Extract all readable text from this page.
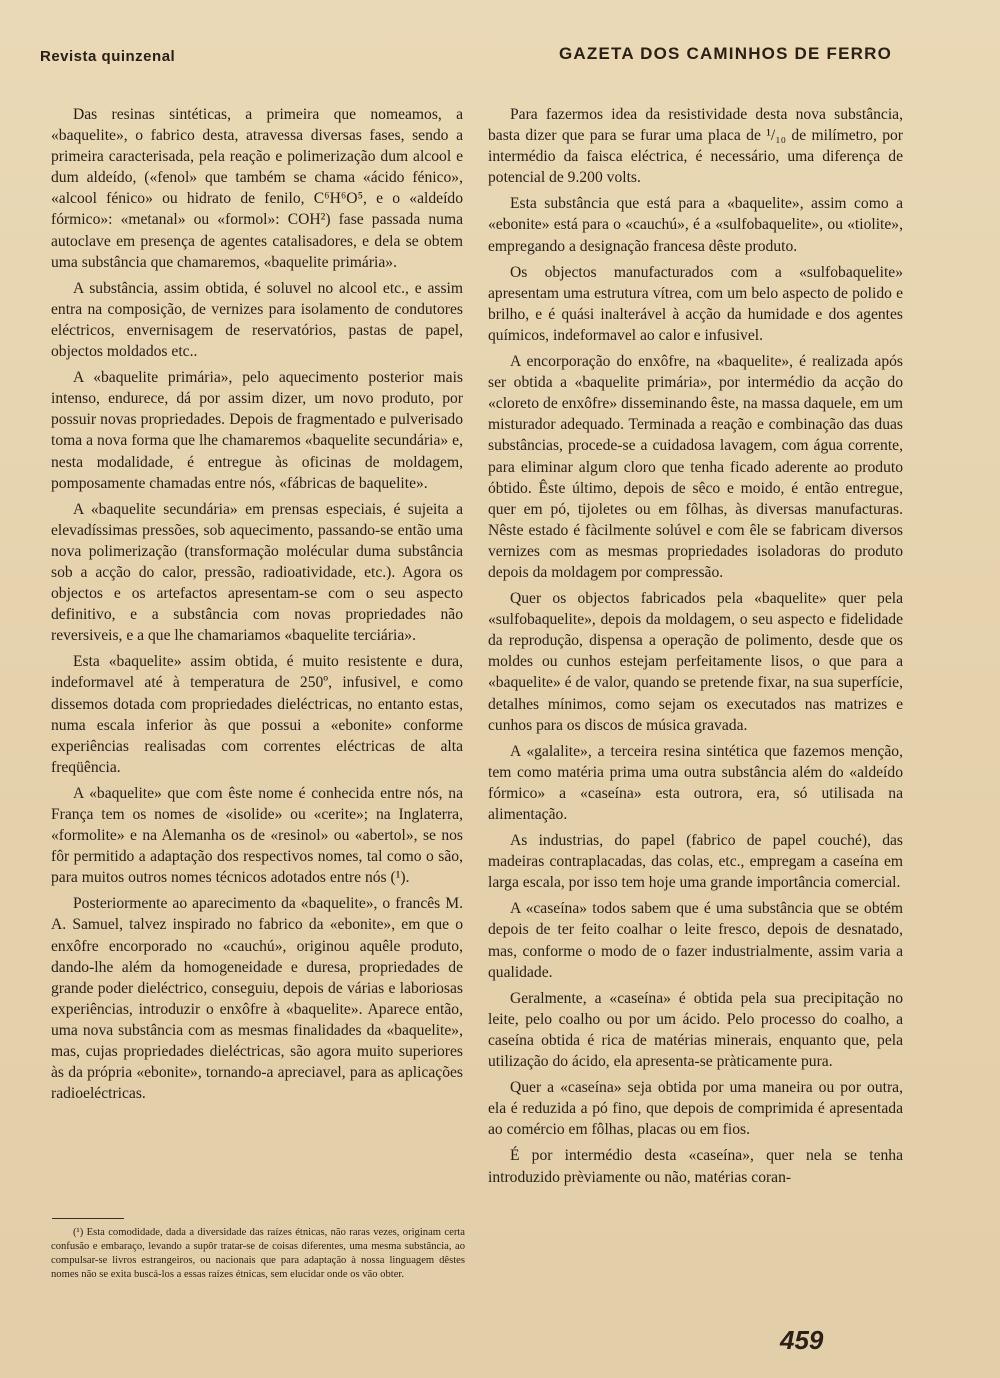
Revista quinzenal	GAZETA DOS CAMINHOS DE FERRO

Das resinas sintéticas, a primeira que nomeamos, a «baquelite», o fabrico desta, atravessa diversas fases, sendo a primeira caracterisada, pela reação e polimerização dum alcool e dum aldeído, («fenol» que também se chama «ácido fénico», «alcool fénico» ou hidrato de fenilo, C⁶H⁶O⁵, e o «aldeído fórmico»: «metanal» ou «formol»: COH²) fase passada numa autoclave em presença de agentes catalisadores, e dela se obtem uma substância que chamaremos, «baquelite primária».

A substância, assim obtida, é soluvel no alcool etc., e assim entra na composição, de vernizes para isolamento de condutores eléctricos, envernisagem de reservatórios, pastas de papel, objectos moldados etc..

A «baquelite primária», pelo aquecimento posterior mais intenso, endurece, dá por assim dizer, um novo produto, por possuir novas propriedades. Depois de fragmentado e pulverisado toma a nova forma que lhe chamaremos «baquelite secundária» e, nesta modalidade, é entregue às oficinas de moldagem, pomposamente chamadas entre nós, «fábricas de baquelite».

A «baquelite secundária» em prensas especiais, é sujeita a elevadíssimas pressões, sob aquecimento, passando-se então uma nova polimerização (transformação molécular duma substância sob a acção do calor, pressão, radioatividade, etc.). Agora os objectos e os artefactos apresentam-se com o seu aspecto definitivo, e a substância com novas propriedades não reversiveis, e a que lhe chamariamos «baquelite terciária».

Esta «baquelite» assim obtida, é muito resistente e dura, indeformavel até à temperatura de 250º, infusivel, e como dissemos dotada com propriedades dieléctricas, no entanto estas, numa escala inferior às que possui a «ebonite» conforme experiências realisadas com correntes eléctricas de alta freqüência.

A «baquelite» que com êste nome é conhecida entre nós, na França tem os nomes de «isolide» ou «cerite»; na Inglaterra, «formolite» e na Alemanha os de «resinol» ou «abertol», se nos fôr permitido a adaptação dos respectivos nomes, tal como o são, para muitos outros nomes técnicos adotados entre nós (¹).

Posteriormente ao aparecimento da «baquelite», o francês M. A. Samuel, talvez inspirado no fabrico da «ebonite», em que o enxôfre encorporado no «cauchú», originou aquêle produto, dando-lhe além da homogeneidade e duresa, propriedades de grande poder dieléctrico, conseguiu, depois de várias e laboriosas experiências, introduzir o enxôfre à «baquelite». Aparece então, uma nova substância com as mesmas finalidades da «baquelite», mas, cujas propriedades dieléctricas, são agora muito superiores às da própria «ebonite», tornando-a apreciavel, para as aplicações radioeléctricas.

Para fazermos idea da resistividade desta nova substância, basta dizer que para se furar uma placa de ¹/₁₀ de milímetro, por intermédio da faisca eléctrica, é necessário, uma diferença de potencial de 9.200 volts.

Esta substância que está para a «baquelite», assim como a «ebonite» está para o «cauchú», é a «sulfobaquelite», ou «tiolite», empregando a designação francesa dêste produto.

Os objectos manufacturados com a «sulfobaquelite» apresentam uma estrutura vítrea, com um belo aspecto de polido e brilho, e é quási inalterável à acção da humidade e dos agentes químicos, indeformavel ao calor e infusivel.

A encorporação do enxôfre, na «baquelite», é realizada após ser obtida a «baquelite primária», por intermédio da acção do «cloreto de enxôfre» disseminando êste, na massa daquele, em um misturador adequado. Terminada a reação e combinação das duas substâncias, procede-se a cuidadosa lavagem, com água corrente, para eliminar algum cloro que tenha ficado aderente ao produto óbtido. Êste último, depois de sêco e moido, é então entregue, quer em pó, tijoletes ou em fôlhas, às diversas manufacturas. Nêste estado é fàcilmente solúvel e com êle se fabricam diversos vernizes com as mesmas propriedades isoladoras do produto depois da moldagem por compressão.

Quer os objectos fabricados pela «baquelite» quer pela «sulfobaquelite», depois da moldagem, o seu aspecto e fidelidade da reprodução, dispensa a operação de polimento, desde que os moldes ou cunhos estejam perfeitamente lisos, o que para a «baquelite» é de valor, quando se pretende fixar, na sua superfície, detalhes mínimos, como sejam os executados nas matrizes e cunhos para os discos de música gravada.

A «galalite», a terceira resina sintética que fazemos menção, tem como matéria prima uma outra substância além do «aldeído fórmico» a «caseína» esta outrora, era, só utilisada na alimentação.

As industrias, do papel (fabrico de papel couché), das madeiras contraplacadas, das colas, etc., empregam a caseína em larga escala, por isso tem hoje uma grande importância comercial.

A «caseína» todos sabem que é uma substância que se obtém depois de ter feito coalhar o leite fresco, depois de desnatado, mas, conforme o modo de o fazer industrialmente, assim varia a qualidade.

Geralmente, a «caseína» é obtida pela sua precipitação no leite, pelo coalho ou por um ácido. Pelo processo do coalho, a caseína obtida é rica de matérias minerais, enquanto que, pela utilização do ácido, ela apresenta-se pràticamente pura.

Quer a «caseína» seja obtida por uma maneira ou por outra, ela é reduzida a pó fino, que depois de comprimida é apresentada ao comércio em fôlhas, placas ou em fios.

É por intermédio desta «caseína», quer nela se tenha introduzido prèviamente ou não, matérias coran-

(¹) Esta comodidade, dada a diversidade das raízes étnicas, não raras vezes, originam certa confusão e embaraço, levando a supôr tratar-se de coisas diferentes, uma mesma substância, ao compulsar-se livros estrangeiros, ou nacionais que para adaptação à nossa linguagem dêstes nomes não se exita buscá-los a essas raízes étnicas, sem elucidar onde os vão obter.

459
